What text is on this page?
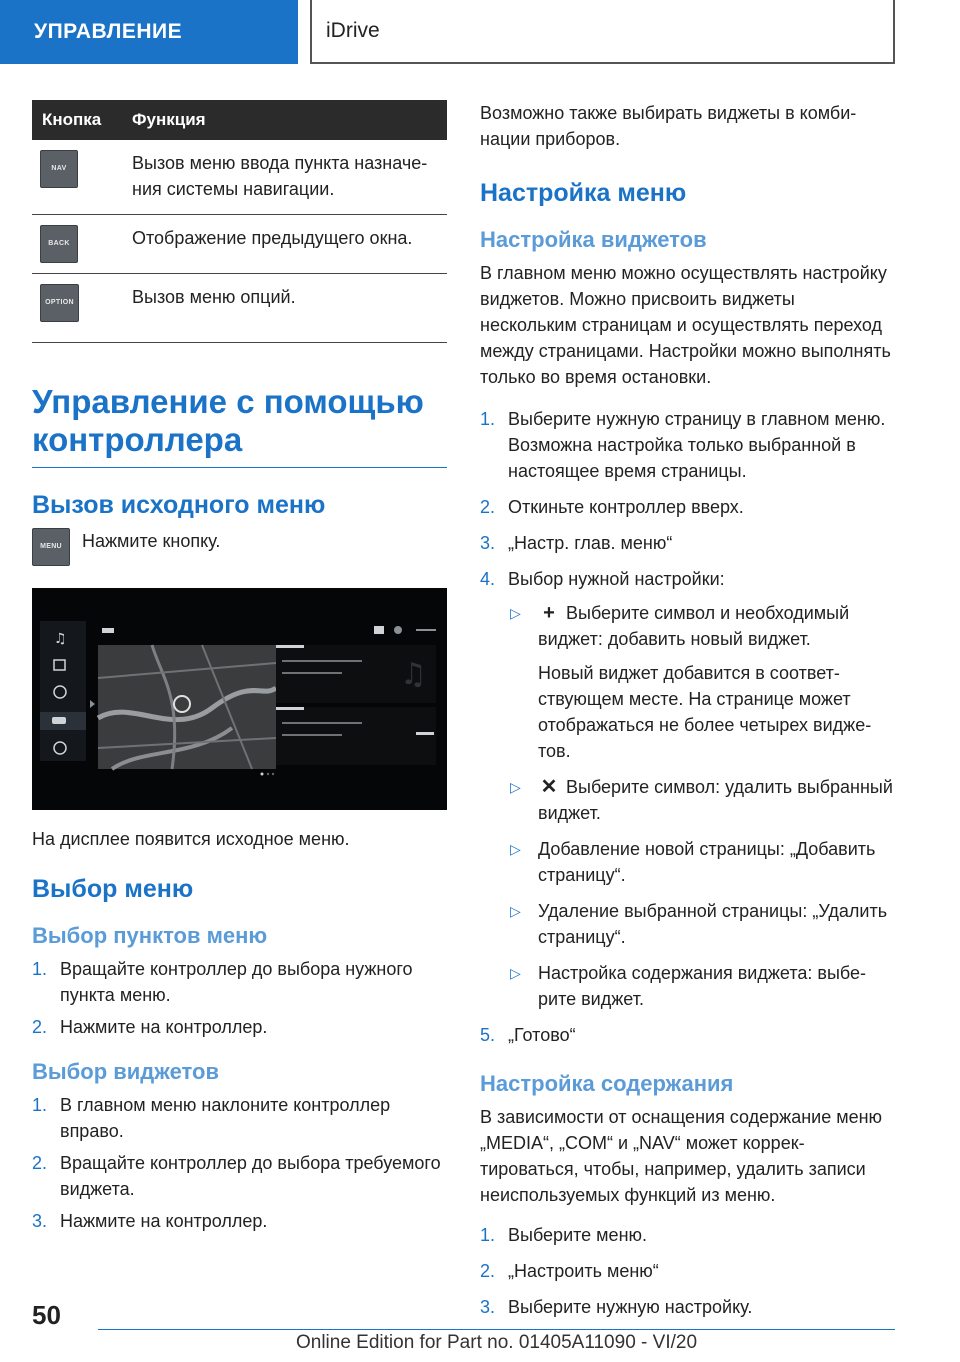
УПРАВЛЕНИЕ	iDrive
Кнопка	Функция

NAV	Вызов меню ввода пункта назначения системы навигации.

BACK	Отображение предыдущего окна.

OPTION	Вызов меню опций.
Управление с помощью контроллера
Вызов исходного меню
MENU	Нажмите кнопку.
♫
♫

На дисплее появится исходное меню.

Выбор меню
Выбор пунктов меню
1. Вращайте контроллер до выбора нужного пункта меню.
2. Нажмите на контроллер.
Выбор виджетов
1. В главном меню наклоните контроллер вправо.
2. Вращайте контроллер до выбора требуемого виджета.
3. Нажмите на контроллер.

Возможно также выбирать виджеты в комбинации приборов.

Настройка меню
Настройка виджетов

В главном меню можно осуществлять настройку виджетов. Можно присвоить виджеты нескольким страницам и осуществлять переход между страницами. Настройки можно выполнять только во время остановки.

1. Выберите нужную страницу в главном меню. Возможна настройка только выбранной в настоящее время страницы.
2. Откиньте контроллер вверх.
3. „Настр. глав. меню“
4. Выбор нужной настройки:
▷ + Выберите символ и необходимый виджет: добавить новый виджет.
Новый виджет добавится в соответствующем месте. На странице может отображаться не более четырех виджетов.
▷ ✕ Выберите символ: удалить выбранный виджет.
▷ Добавление новой страницы: „Добавить страницу“.
▷ Удаление выбранной страницы: „Удалить страницу“.
▷ Настройка содержания виджета: выберите виджет.
5. „Готово“
Настройка содержания

В зависимости от оснащения содержание меню „MEDIA“, „COM“ и „NAV“ может корректироваться, чтобы, например, удалить записи неиспользуемых функций из меню.

1. Выберите меню.
2. „Настроить меню“
3. Выберите нужную настройку.
50
Online Edition for Part no. 01405A11090 - VI/20
